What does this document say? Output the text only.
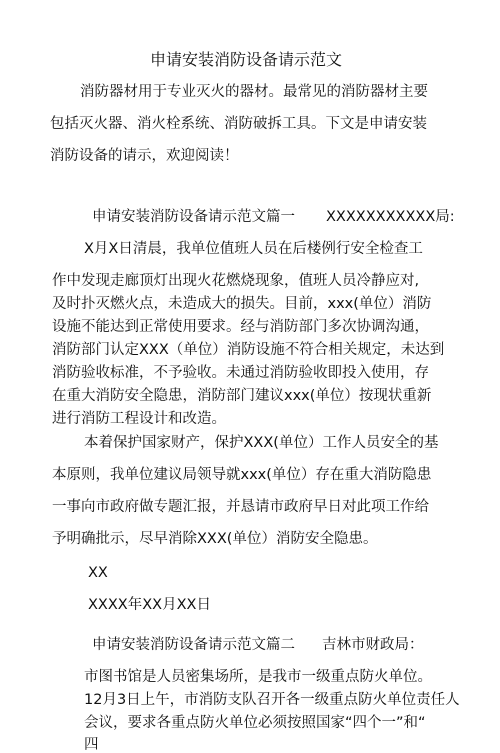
申请安装消防设备请示范文
消防器材用于专业灭火的器材。最常见的消防器材主要
包括灭火器、消火栓系统、消防破拆工具。下文是申请安装
消防设备的请示，欢迎阅读！
申请安装消防设备请示范文篇一 XXXXXXXXXXX局:
X月X日清晨，我单位值班人员在后楼例行安全检查工
作中发现走廊顶灯出现火花燃烧现象，值班人员冷静应对,
及时扑灭燃火点，未造成大的损失。目前，xxx(单位）消防
设施不能达到正常使用要求。经与消防部门多次协调沟通，
消防部门认定XXX（单位）消防设施不符合相关规定，未达到
消防验收标准，不予验收。未通过消防验收即投入使用，存
在重大消防安全隐患，消防部门建议xxx(单位）按现状重新
进行消防工程设计和改造。
本着保护国家财产，保护XXX(单位）工作人员安全的基
本原则，我单位建议局领导就xxx(单位）存在重大消防隐患
一事向市政府做专题汇报，并恳请市政府早日对此项工作给
予明确批示，尽早消除XXX(单位）消防安全隐患。
XX
XXXX年XX月XX日
申请安装消防设备请示范文篇二 吉林市财政局：
市图书馆是人员密集场所，是我市一级重点防火单位。
12月3日上午，市消防支队召开各一级重点防火单位责任人
会议，要求各重点防火单位必须按照国家“四个一”和“
四
